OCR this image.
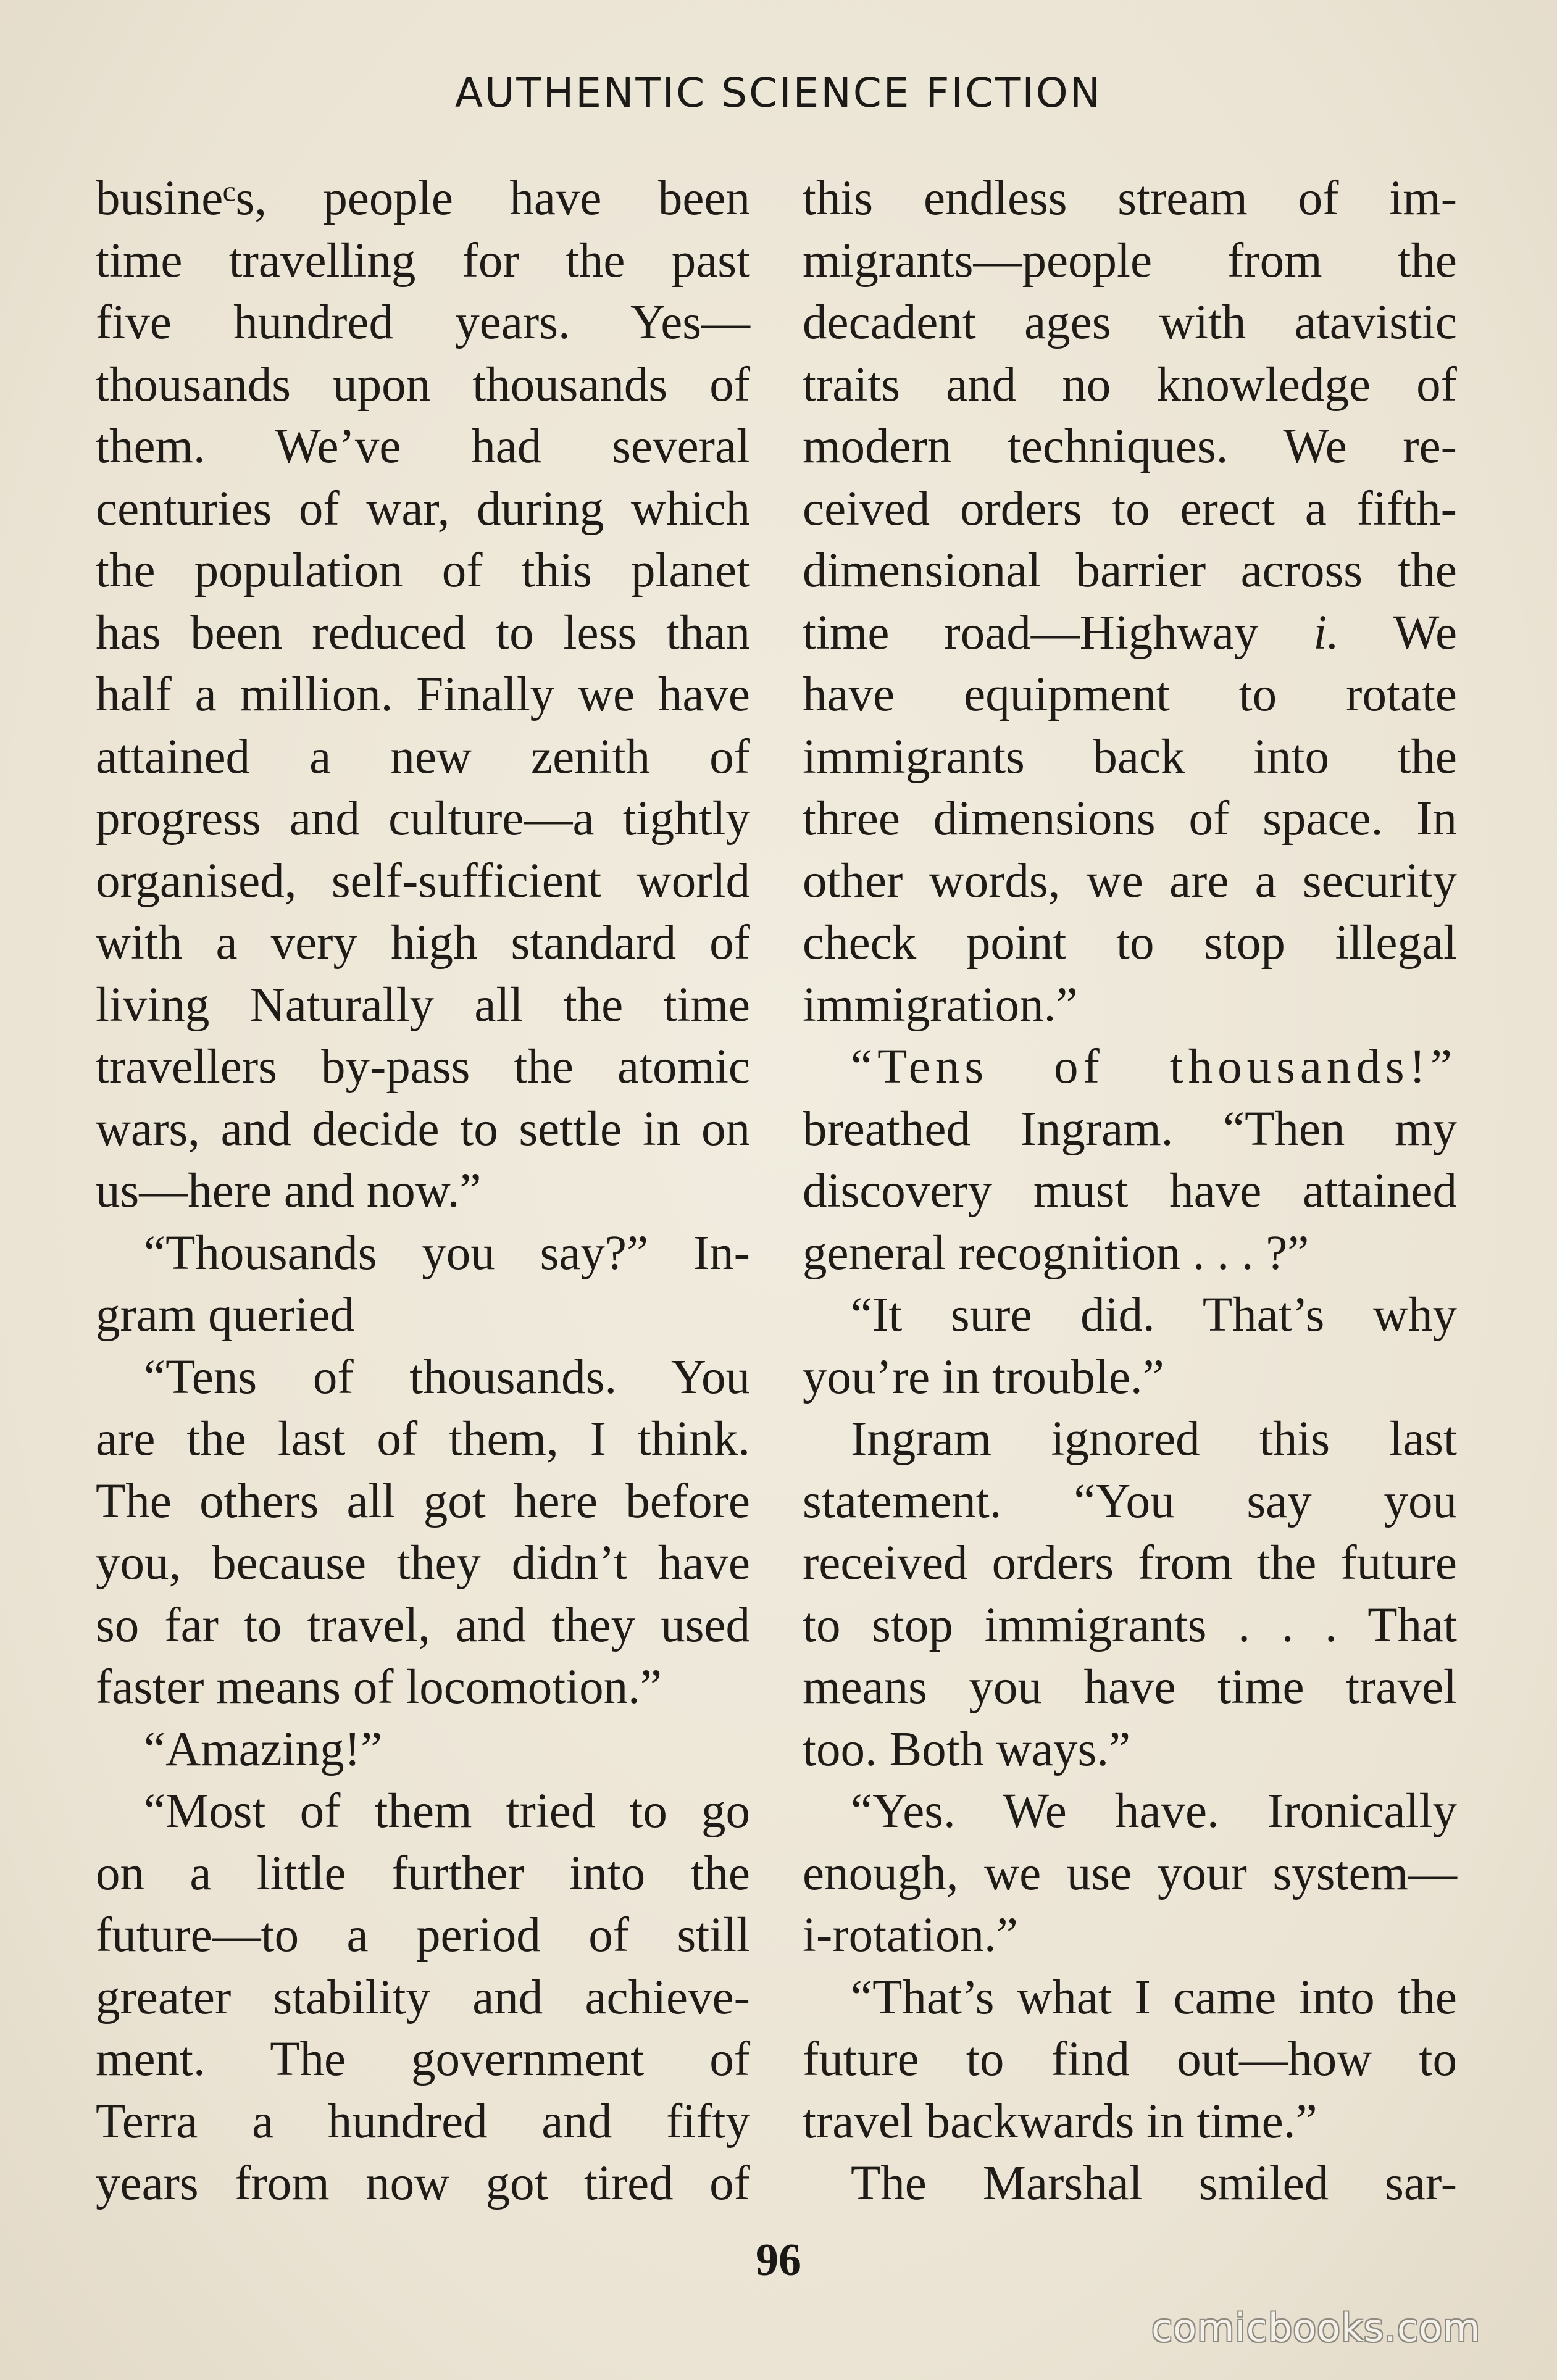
AUTHENTIC SCIENCE FICTION
busineᶜs, people have been
time travelling for the past
five hundred years. Yes—
thousands upon thousands of
them. We’ve had several
centuries of war, during which
the population of this planet
has been reduced to less than
half a million. Finally we have
attained a new zenith of
progress and culture—a tightly
organised, self-sufficient world
with a very high standard of
living Naturally all the time
travellers by-pass the atomic
wars, and decide to settle in on
us—here and now.”
“Thousands you say?” In-
gram queried
“Tens of thousands. You
are the last of them, I think.
The others all got here before
you, because they didn’t have
so far to travel, and they used
faster means of locomotion.”
“Amazing!”
“Most of them tried to go
on a little further into the
future—to a period of still
greater stability and achieve-
ment. The government of
Terra a hundred and fifty
years from now got tired of
this endless stream of im-
migrants—people from the
decadent ages with atavistic
traits and no knowledge of
modern techniques. We re-
ceived orders to erect a fifth-
dimensional barrier across the
time road—Highway i. We
have equipment to rotate
immigrants back into the
three dimensions of space. In
other words, we are a security
check point to stop illegal
immigration.”
“Tens of thousands!”
breathed Ingram. “Then my
discovery must have attained
general recognition . . . ?”
“It sure did. That’s why
you’re in trouble.”
Ingram ignored this last
statement. “You say you
received orders from the future
to stop immigrants . . . That
means you have time travel
too. Both ways.”
“Yes. We have. Ironically
enough, we use your system—
i-rotation.”
“That’s what I came into the
future to find out—how to
travel backwards in time.”
The Marshal smiled sar-
96
comicbooks.com
